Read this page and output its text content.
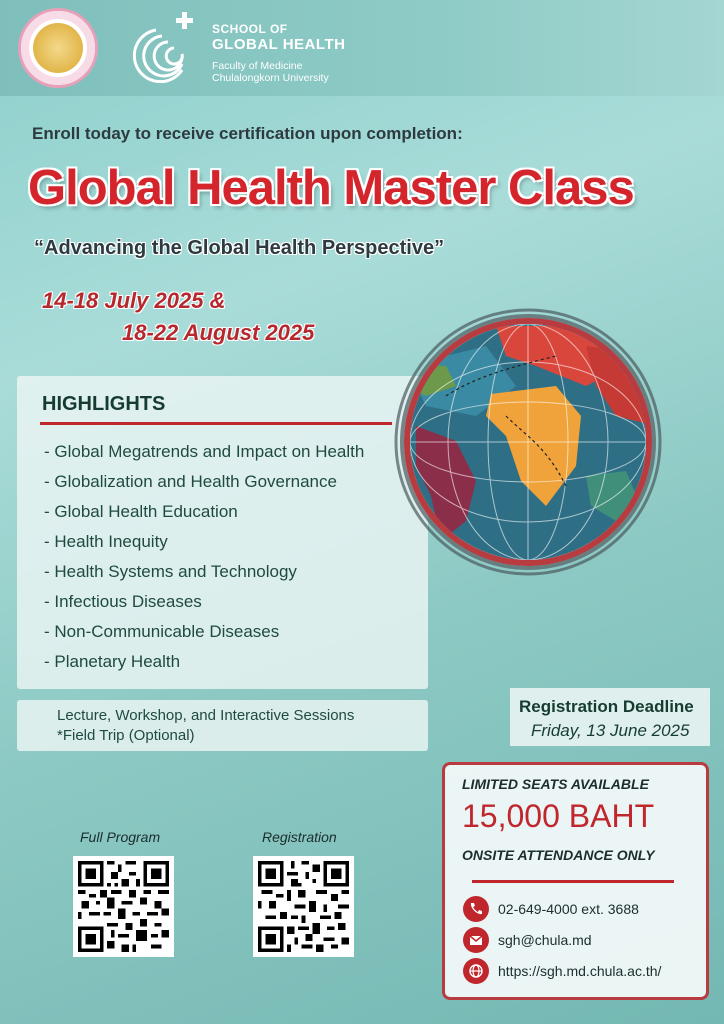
SCHOOL OF
GLOBAL HEALTH
Faculty of Medicine
Chulalongkorn University
Enroll today to receive certification upon completion:
Global Health Master Class
“Advancing the Global Health Perspective”
14-18 July 2025 &
18-22 August 2025
HIGHLIGHTS
- Global Megatrends and Impact on Health
- Globalization and Health Governance
- Global Health Education
- Health Inequity
- Health Systems and Technology
- Infectious Diseases
- Non-Communicable Diseases
- Planetary Health
Lecture, Workshop, and Interactive Sessions
*Field Trip (Optional)
Registration Deadline
Friday, 13 June 2025
LIMITED SEATS AVAILABLE
15,000 BAHT
ONSITE ATTENDANCE ONLY
02-649-4000 ext. 3688
sgh@chula.md
https://sgh.md.chula.ac.th/
Full Program	Registration
